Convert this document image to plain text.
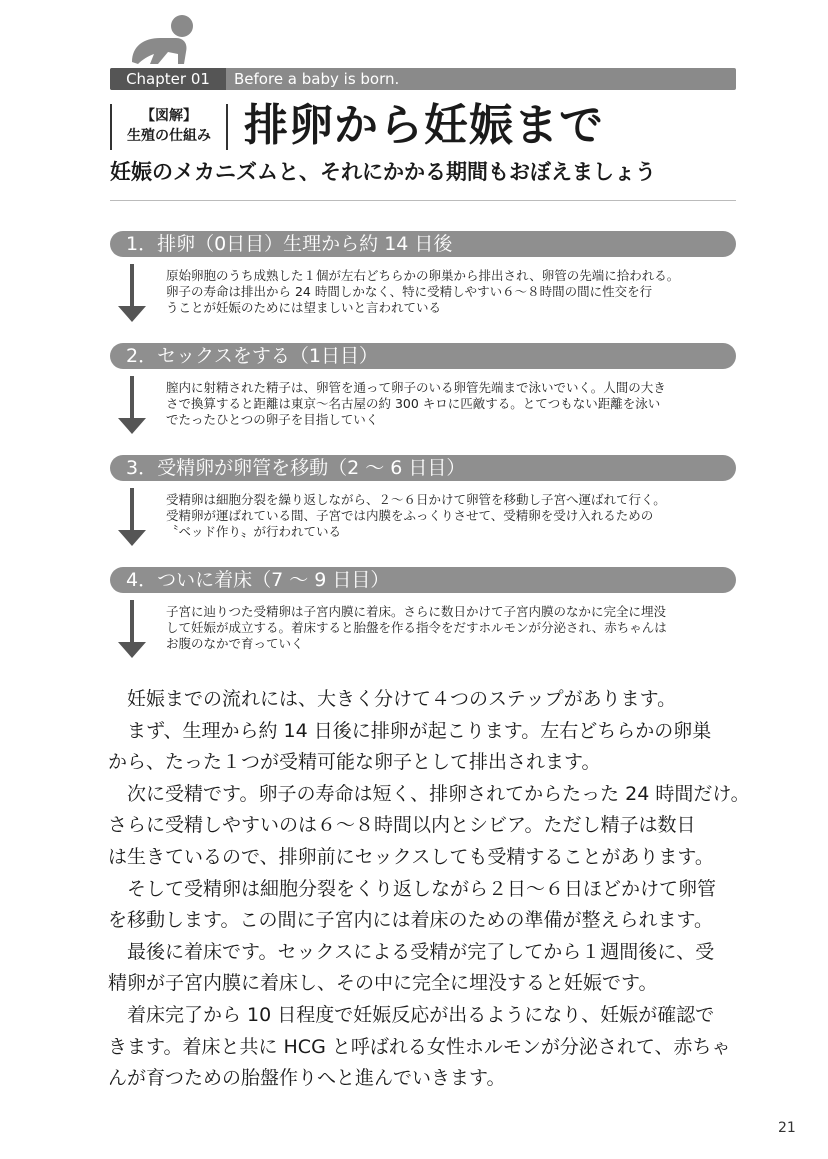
Chapter 01	Before a baby is born.
【図解】
生殖の仕組み 排卵から妊娠まで
妊娠のメカニズムと、それにかかる期間もおぼえましょう
1．排卵（0日目）生理から約 14 日後
原始卵胞のうち成熟した１個が左右どちらかの卵巣から排出され、卵管の先端に拾われる。
卵子の寿命は排出から 24 時間しかなく、特に受精しやすい６～８時間の間に性交を行
うことが妊娠のためには望ましいと言われている
2．セックスをする（1日目）
膣内に射精された精子は、卵管を通って卵子のいる卵管先端まで泳いでいく。人間の大き
さで換算すると距離は東京～名古屋の約 300 キロに匹敵する。とてつもない距離を泳い
でたったひとつの卵子を目指していく
3．受精卵が卵管を移動（2 ～ 6 日目）
受精卵は細胞分裂を繰り返しながら、２～６日かけて卵管を移動し子宮へ運ばれて行く。
受精卵が運ばれている間、子宮では内膜をふっくりさせて、受精卵を受け入れるための
〝ベッド作り〟が行われている
4．ついに着床（7 ～ 9 日目）
子宮に辿りつた受精卵は子宮内膜に着床。さらに数日かけて子宮内膜のなかに完全に埋没
して妊娠が成立する。着床すると胎盤を作る指令をだすホルモンが分泌され、赤ちゃんは
お腹のなかで育っていく

　妊娠までの流れには、大きく分けて４つのステップがあります。

　まず、生理から約 14 日後に排卵が起こります。左右どちらかの卵巣

から、たった１つが受精可能な卵子として排出されます。

　次に受精です。卵子の寿命は短く、排卵されてからたった 24 時間だけ。

さらに受精しやすいのは６～８時間以内とシビア。ただし精子は数日

は生きているので、排卵前にセックスしても受精することがあります。

　そして受精卵は細胞分裂をくり返しながら２日～６日ほどかけて卵管

を移動します。この間に子宮内には着床のための準備が整えられます。

　最後に着床です。セックスによる受精が完了してから１週間後に、受

精卵が子宮内膜に着床し、その中に完全に埋没すると妊娠です。

　着床完了から 10 日程度で妊娠反応が出るようになり、妊娠が確認で

きます。着床と共に HCG と呼ばれる女性ホルモンが分泌されて、赤ちゃ

んが育つための胎盤作りへと進んでいきます。

21
